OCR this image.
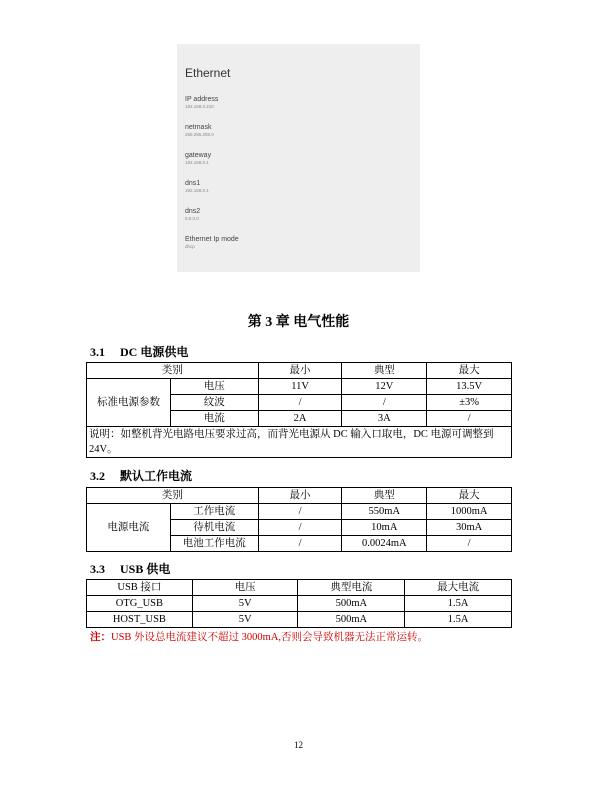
Ethernet
IP address
192.168.0.210
netmask
255.255.255.0
gateway
192.168.0.1
dns1
192.168.0.1
dns2
0.0.0.0
Ethernet Ip mode
dhcp
第 3 章 电气性能
3.1 DC 电源供电
类别		最小	典型	最大
标准电源参数	电压	11V	12V	13.5V
	纹波	/	/	±3%
	电流	2A	3A	/
说明：如整机背光电路电压要求过高，而背光电源从 DC 输入口取电，DC 电源可调整到 24V。				
3.2 默认工作电流
类别		最小	典型	最大
电源电流	工作电流	/	550mA	1000mA
	待机电流	/	10mA	30mA
	电池工作电流	/	0.0024mA	/
3.3 USB 供电
USB 接口	电压	典型电流	最大电流
OTG_USB	5V	500mA	1.5A
HOST_USB	5V	500mA	1.5A
注：USB 外设总电流建议不超过 3000mA,否则会导致机器无法正常运转。
12
